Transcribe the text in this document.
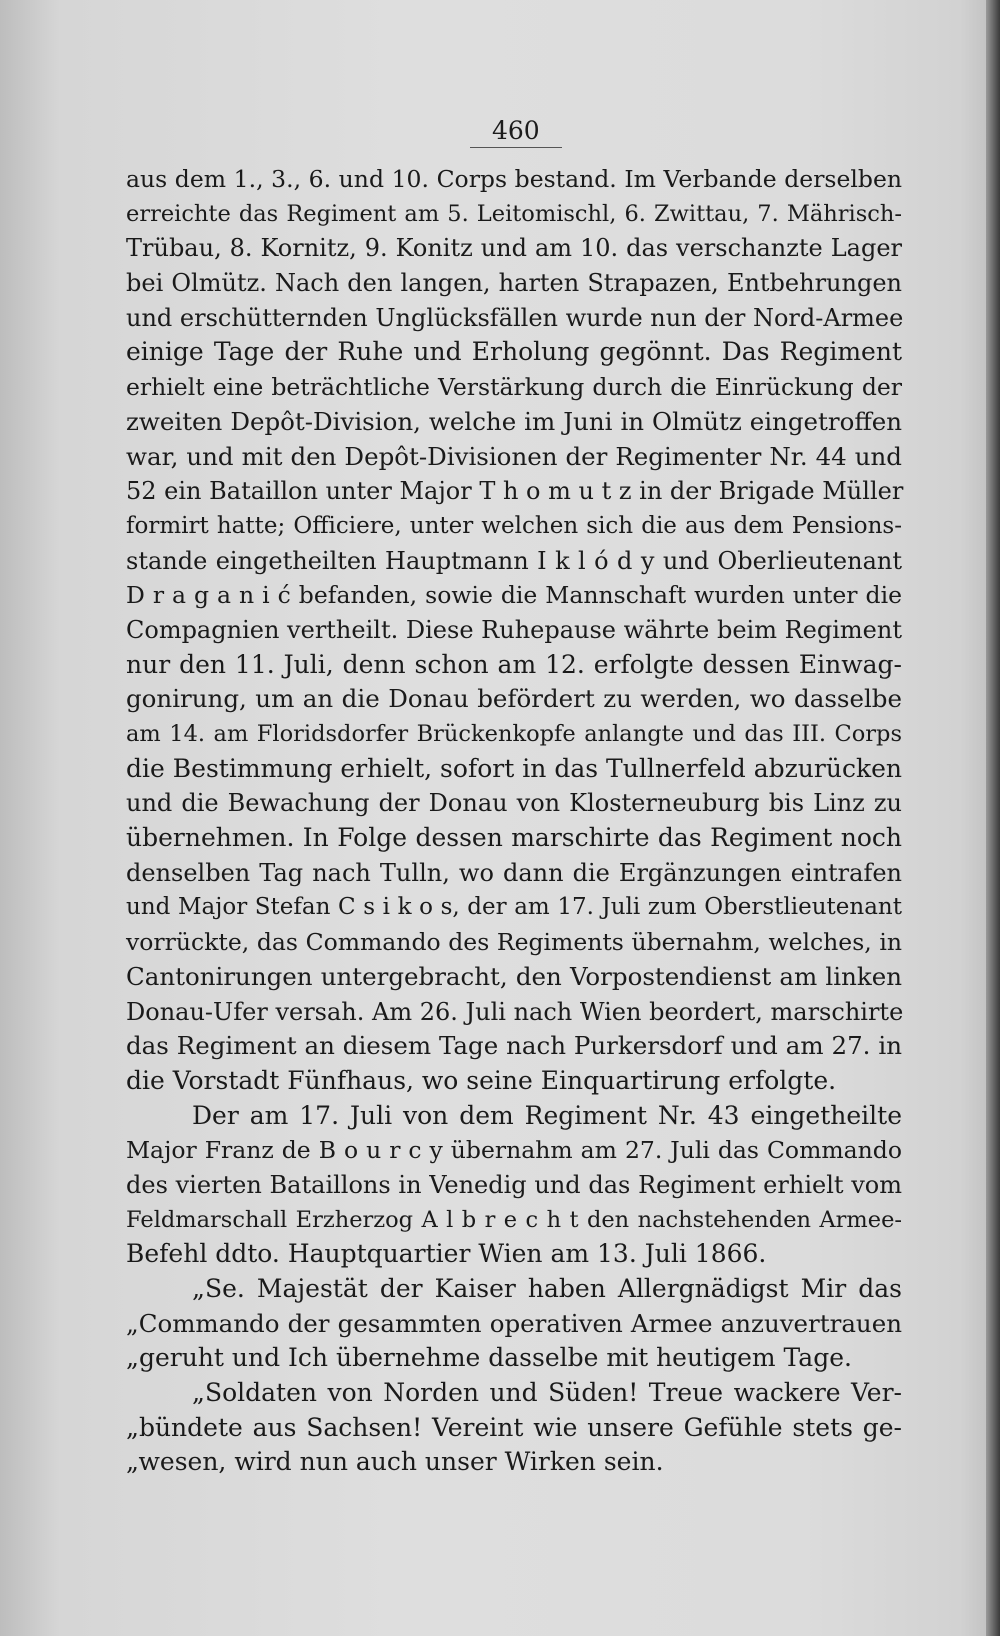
460
aus dem 1., 3., 6. und 10. Corps bestand. Im Verbande derselben
erreichte das Regiment am 5. Leitomischl, 6. Zwittau, 7. Mährisch-
Trübau, 8. Kornitz, 9. Konitz und am 10. das verschanzte Lager
bei Olmütz. Nach den langen, harten Strapazen, Entbehrungen
und erschütternden Unglücksfällen wurde nun der Nord-Armee
einige Tage der Ruhe und Erholung gegönnt. Das Regiment
erhielt eine beträchtliche Verstärkung durch die Einrückung der
zweiten Depôt-Division, welche im Juni in Olmütz eingetroffen
war, und mit den Depôt-Divisionen der Regimenter Nr. 44 und
52 ein Bataillon unter Major T h o m u t z in der Brigade Müller
formirt hatte; Officiere, unter welchen sich die aus dem Pensions-
stande eingetheilten Hauptmann I k l ó d y und Oberlieutenant
D r a g a n i ć befanden, sowie die Mannschaft wurden unter die
Compagnien vertheilt. Diese Ruhepause währte beim Regiment
nur den 11. Juli, denn schon am 12. erfolgte dessen Einwag-
gonirung, um an die Donau befördert zu werden, wo dasselbe
am 14. am Floridsdorfer Brückenkopfe anlangte und das III. Corps
die Bestimmung erhielt, sofort in das Tullnerfeld abzurücken
und die Bewachung der Donau von Klosterneuburg bis Linz zu
übernehmen. In Folge dessen marschirte das Regiment noch
denselben Tag nach Tulln, wo dann die Ergänzungen eintrafen
und Major Stefan C s i k o s, der am 17. Juli zum Oberstlieutenant
vorrückte, das Commando des Regiments übernahm, welches, in
Cantonirungen untergebracht, den Vorpostendienst am linken
Donau-Ufer versah. Am 26. Juli nach Wien beordert, marschirte
das Regiment an diesem Tage nach Purkersdorf und am 27. in
die Vorstadt Fünfhaus, wo seine Einquartirung erfolgte.
Der am 17. Juli von dem Regiment Nr. 43 eingetheilte
Major Franz de B o u r c y übernahm am 27. Juli das Commando
des vierten Bataillons in Venedig und das Regiment erhielt vom
Feldmarschall Erzherzog A l b r e c h t den nachstehenden Armee-
Befehl ddto. Hauptquartier Wien am 13. Juli 1866.
„Se. Majestät der Kaiser haben Allergnädigst Mir das
„Commando der gesammten operativen Armee anzuvertrauen
„geruht und Ich übernehme dasselbe mit heutigem Tage.
„Soldaten von Norden und Süden! Treue wackere Ver-
„bündete aus Sachsen! Vereint wie unsere Gefühle stets ge-
„wesen, wird nun auch unser Wirken sein.
